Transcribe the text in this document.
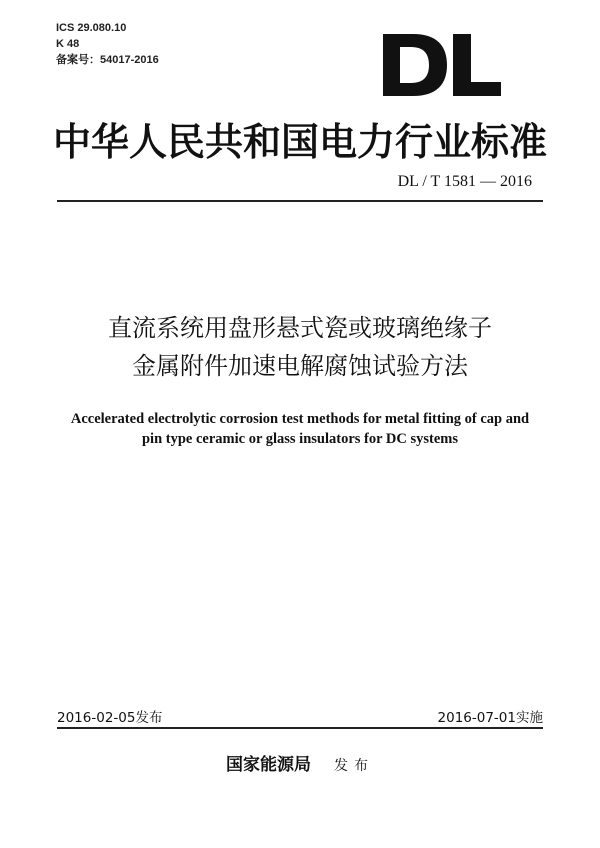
ICS 29.080.10
K 48
备案号：54017-2016
中华人民共和国电力行业标准
DL / T 1581 — 2016
直流系统用盘形悬式瓷或玻璃绝缘子
金属附件加速电解腐蚀试验方法
Accelerated electrolytic corrosion test methods for metal fitting of cap and
pin type ceramic or glass insulators for DC systems
2016-02-05发布	2016-07-01实施
国家能源局 发布
